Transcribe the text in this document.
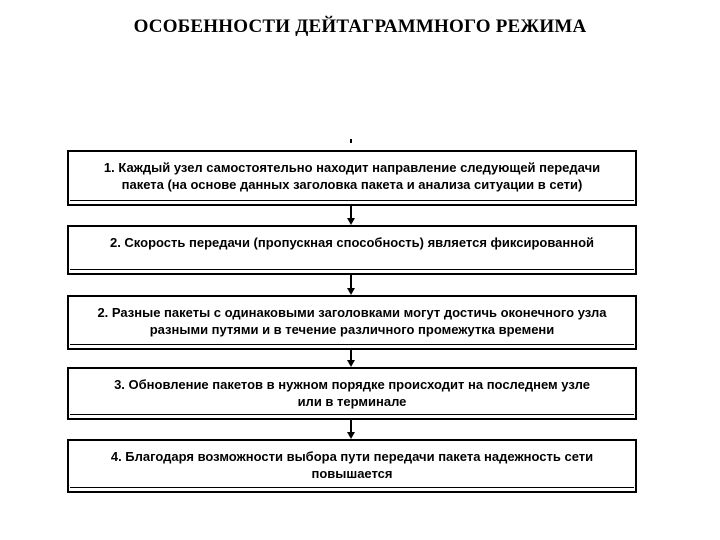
ОСОБЕННОСТИ ДЕЙТАГРАММНОГО РЕЖИМА
1. Каждый узел самостоятельно находит направление следующей передачи
пакета (на основе данных заголовка пакета и анализа ситуации в сети)
2. Скорость передачи (пропускная способность) является фиксированной
2. Разные пакеты с одинаковыми заголовками могут достичь оконечного узла
разными путями и в течение различного промежутка времени
3. Обновление пакетов в нужном порядке происходит на последнем узле
или в терминале
4. Благодаря возможности выбора пути передачи пакета надежность сети
повышается
